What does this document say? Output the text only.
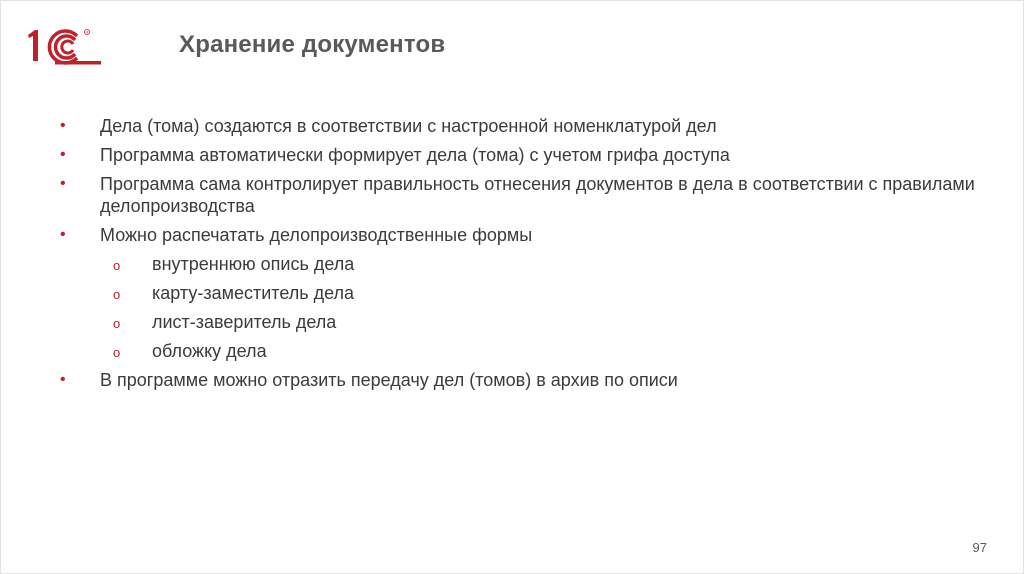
R	Хранение документов
• Дела (тома) создаются в соответствии с настроенной номенклатурой дел
• Программа автоматически формирует дела (тома) с учетом грифа доступа
• Программа сама контролирует правильность отнесения документов в дела в соответствии с правилами делопроизводства
• Можно распечатать делопроизводственные формы
o внутреннюю опись дела
o карту-заместитель дела
o лист-заверитель дела
o обложку дела
• В программе можно отразить передачу дел (томов) в архив по описи
97
